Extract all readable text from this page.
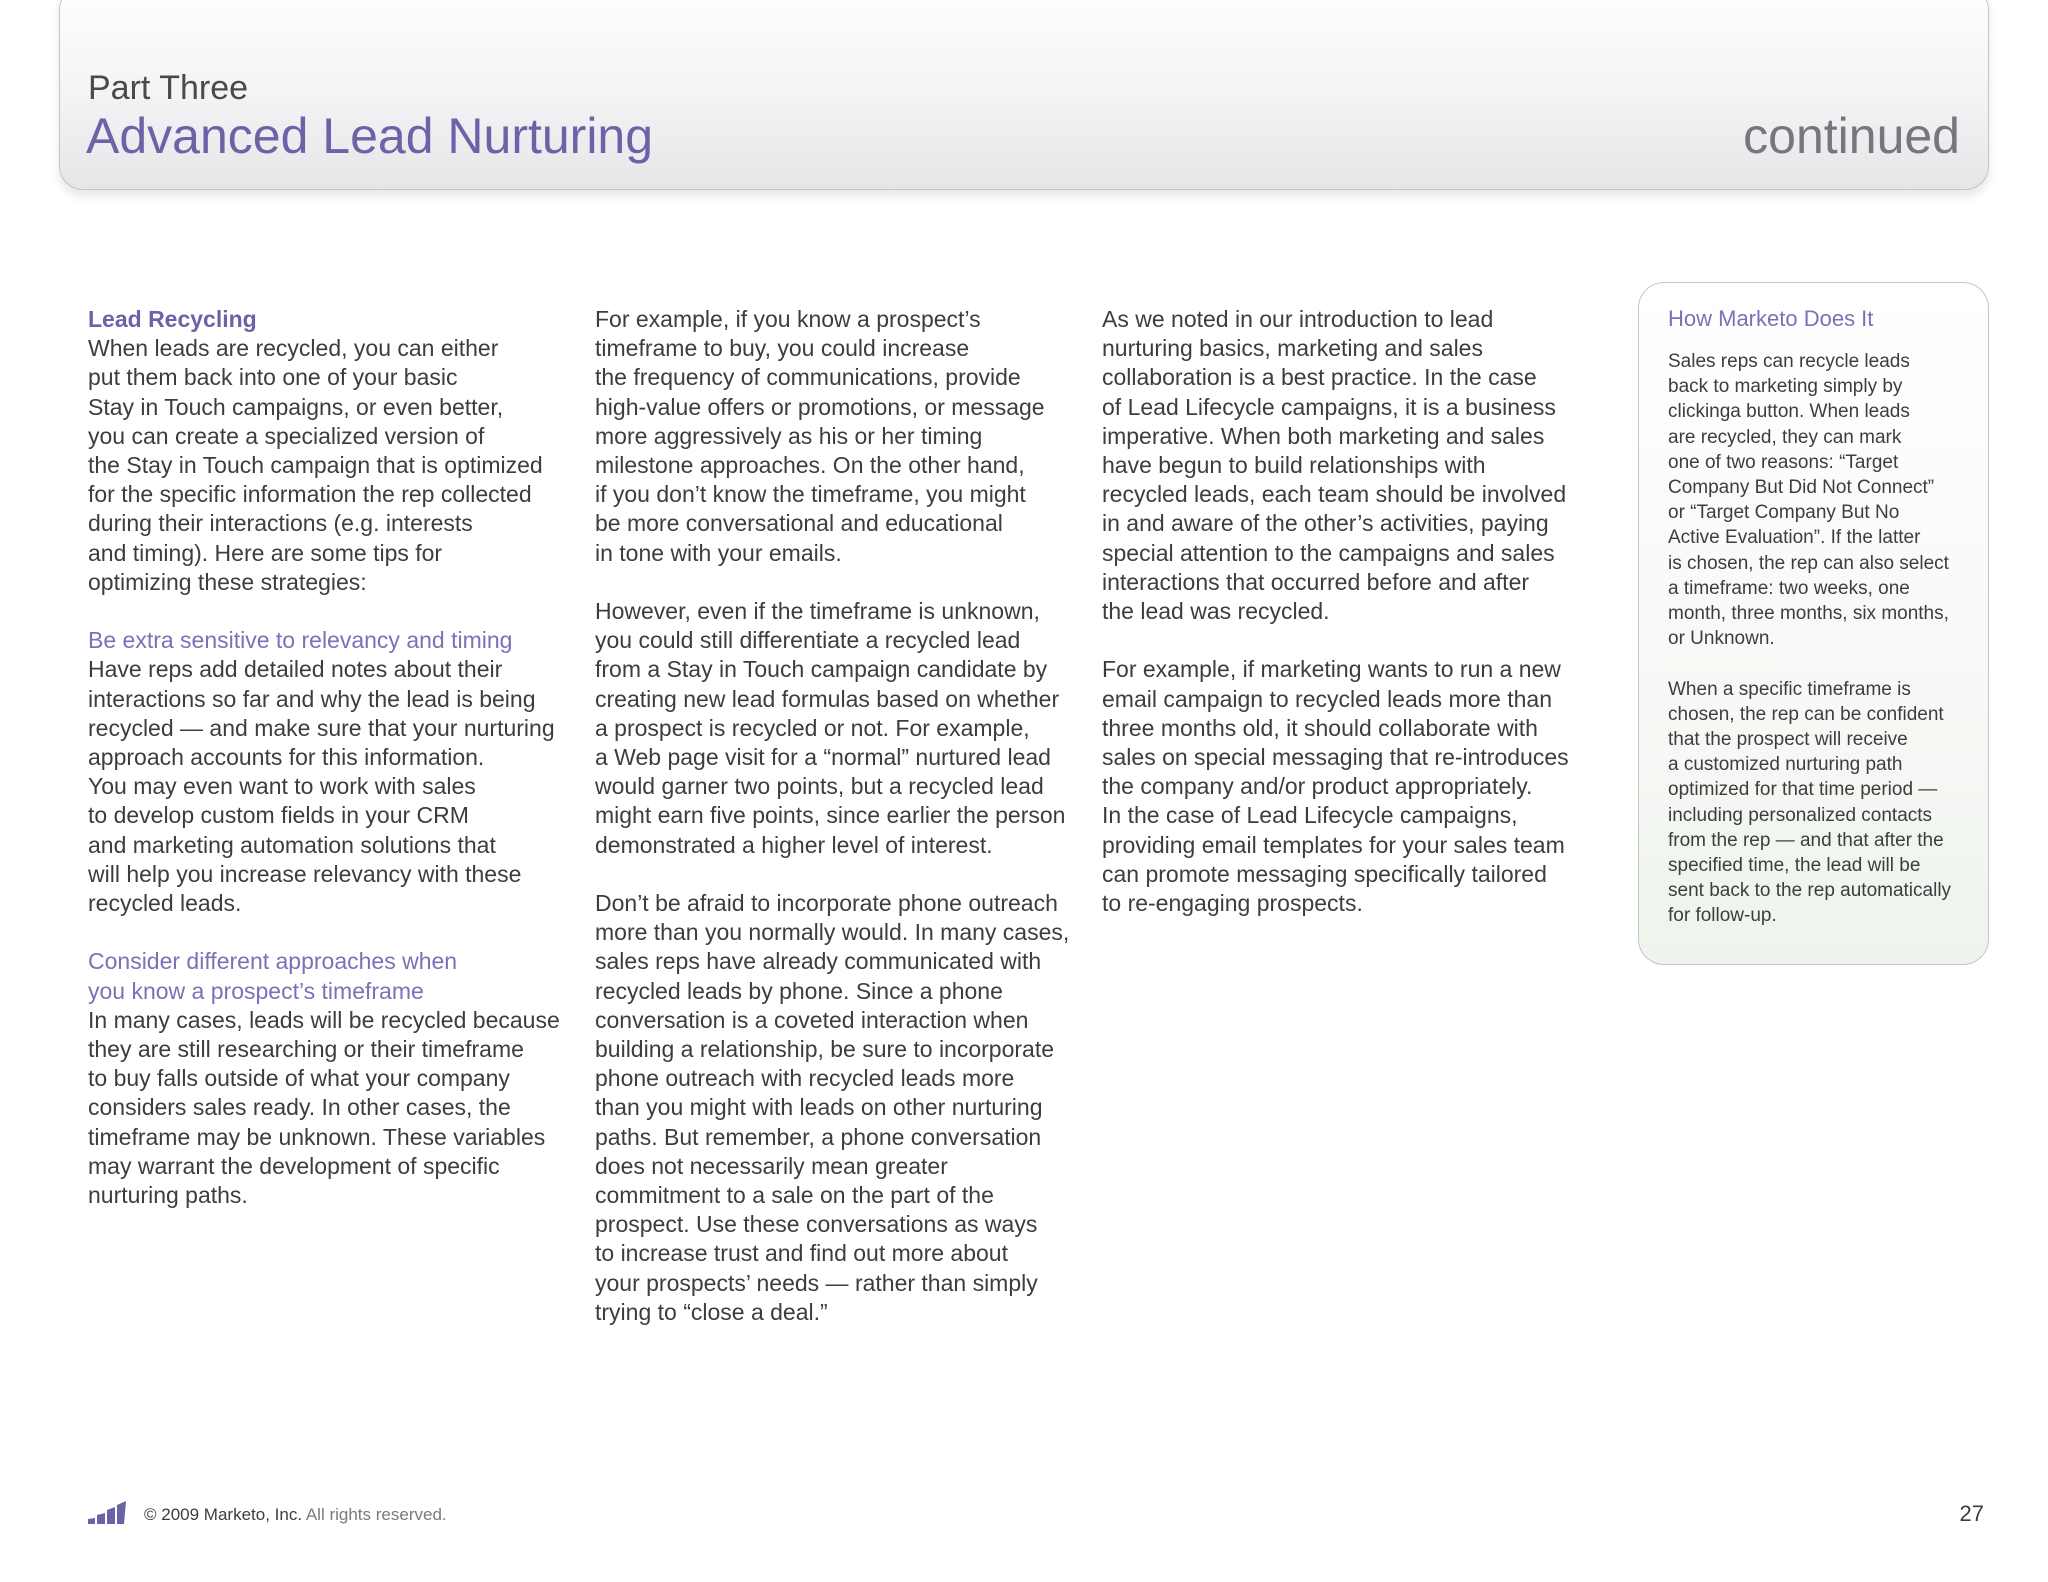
Part Three
Advanced Lead Nurturing	continued

Lead Recycling

When leads are recycled, you can either
put them back into one of your basic
Stay in Touch campaigns, or even better,
you can create a specialized version of
the Stay in Touch campaign that is optimized
for the specific information the rep collected
during their interactions (e.g. interests
and timing). Here are some tips for
optimizing these strategies:

Be extra sensitive to relevancy and timing

Have reps add detailed notes about their
interactions so far and why the lead is being
recycled — and make sure that your nurturing
approach accounts for this information.
You may even want to work with sales
to develop custom fields in your CRM
and marketing automation solutions that
will help you increase relevancy with these
recycled leads.

Consider different approaches when
you know a prospect’s timeframe

In many cases, leads will be recycled because
they are still researching or their timeframe
to buy falls outside of what your company
considers sales ready. In other cases, the
timeframe may be unknown. These variables
may warrant the development of specific
nurturing paths.

For example, if you know a prospect’s
timeframe to buy, you could increase
the frequency of communications, provide
high-value offers or promotions, or message
more aggressively as his or her timing
milestone approaches. On the other hand,
if you don’t know the timeframe, you might
be more conversational and educational
in tone with your emails.

However, even if the timeframe is unknown,
you could still differentiate a recycled lead
from a Stay in Touch campaign candidate by
creating new lead formulas based on whether
a prospect is recycled or not. For example,
a Web page visit for a “normal” nurtured lead
would garner two points, but a recycled lead
might earn five points, since earlier the person
demonstrated a higher level of interest.

Don’t be afraid to incorporate phone outreach
more than you normally would. In many cases,
sales reps have already communicated with
recycled leads by phone. Since a phone
conversation is a coveted interaction when
building a relationship, be sure to incorporate
phone outreach with recycled leads more
than you might with leads on other nurturing
paths. But remember, a phone conversation
does not necessarily mean greater
commitment to a sale on the part of the
prospect. Use these conversations as ways
to increase trust and find out more about
your prospects’ needs — rather than simply
trying to “close a deal.”

As we noted in our introduction to lead
nurturing basics, marketing and sales
collaboration is a best practice. In the case
of Lead Lifecycle campaigns, it is a business
imperative. When both marketing and sales
have begun to build relationships with
recycled leads, each team should be involved
in and aware of the other’s activities, paying
special attention to the campaigns and sales
interactions that occurred before and after
the lead was recycled.

For example, if marketing wants to run a new
email campaign to recycled leads more than
three months old, it should collaborate with
sales on special messaging that re-introduces
the company and/or product appropriately.
In the case of Lead Lifecycle campaigns,
providing email templates for your sales team
can promote messaging specifically tailored
to re-engaging prospects.

How Marketo Does It

Sales reps can recycle leads
back to marketing simply by
clickinga button. When leads
are recycled, they can mark
one of two reasons: “Target
Company But Did Not Connect”
or “Target Company But No
Active Evaluation”. If the latter
is chosen, the rep can also select
a timeframe: two weeks, one
month, three months, six months,
or Unknown.

When a specific timeframe is
chosen, the rep can be confident
that the prospect will receive
a customized nurturing path
optimized for that time period —
including personalized contacts
from the rep — and that after the
specified time, the lead will be
sent back to the rep automatically
for follow-up.

© 2009 Marketo, Inc. All rights reserved.	27
